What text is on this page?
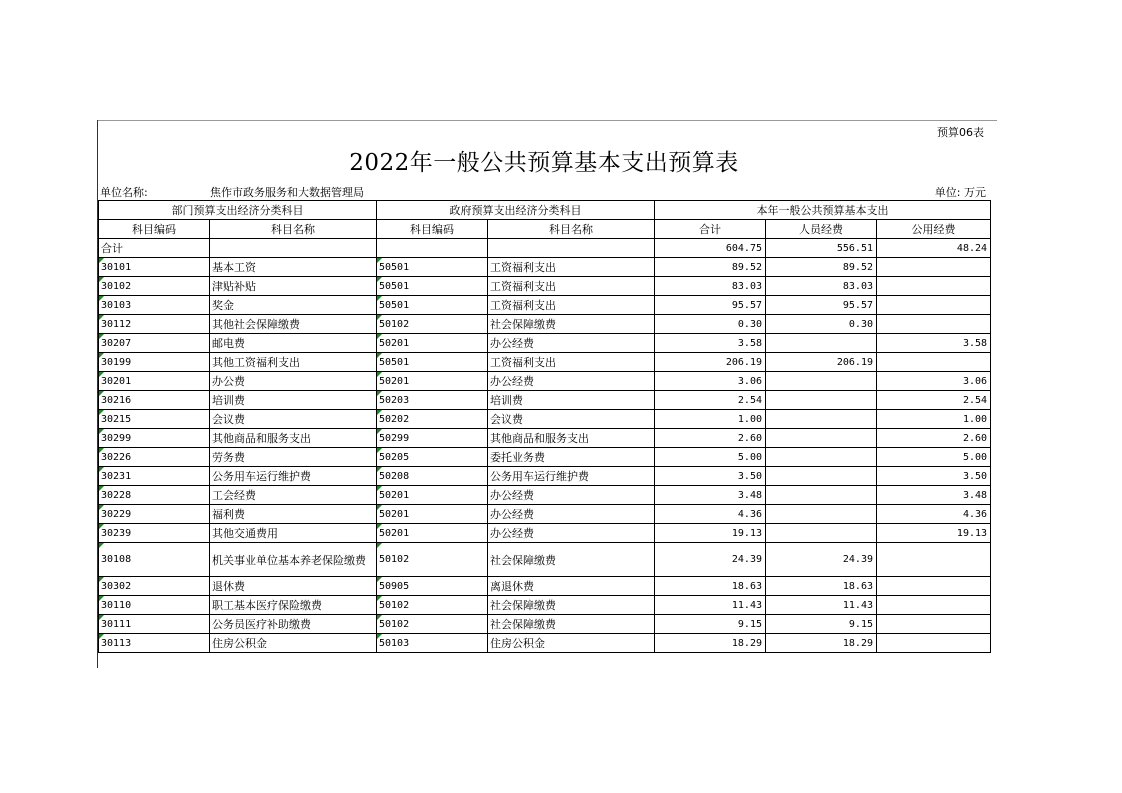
预算06表
2022年一般公共预算基本支出预算表
单位名称:	焦作市政务服务和大数据管理局	单位: 万元
部门预算支出经济分类科目		政府预算支出经济分类科目		本年一般公共预算基本支出		
科目编码	科目名称	科目编码	科目名称	合计	人员经费	公用经费
合计				604.75	556.51	48.24
30101	基本工资	50501	工资福利支出	89.52	89.52	
30102	津贴补贴	50501	工资福利支出	83.03	83.03	
30103	奖金	50501	工资福利支出	95.57	95.57	
30112	其他社会保障缴费	50102	社会保障缴费	0.30	0.30	
30207	邮电费	50201	办公经费	3.58		3.58
30199	其他工资福利支出	50501	工资福利支出	206.19	206.19	
30201	办公费	50201	办公经费	3.06		3.06
30216	培训费	50203	培训费	2.54		2.54
30215	会议费	50202	会议费	1.00		1.00
30299	其他商品和服务支出	50299	其他商品和服务支出	2.60		2.60
30226	劳务费	50205	委托业务费	5.00		5.00
30231	公务用车运行维护费	50208	公务用车运行维护费	3.50		3.50
30228	工会经费	50201	办公经费	3.48		3.48
30229	福利费	50201	办公经费	4.36		4.36
30239	其他交通费用	50201	办公经费	19.13		19.13
30108	机关事业单位基本养老保险缴费	50102	社会保障缴费	24.39	24.39	
30302	退休费	50905	离退休费	18.63	18.63	
30110	职工基本医疗保险缴费	50102	社会保障缴费	11.43	11.43	
30111	公务员医疗补助缴费	50102	社会保障缴费	9.15	9.15	
30113	住房公积金	50103	住房公积金	18.29	18.29	
